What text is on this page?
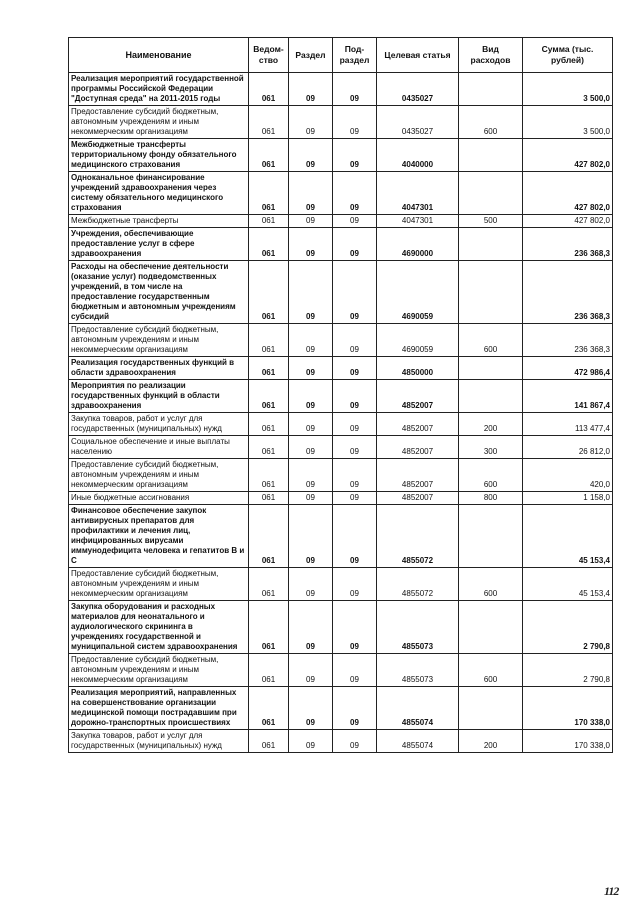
Наименование	Ведом-ство	Раздел	Под-раздел	Целевая статья	Вид расходов	Сумма (тыс. рублей)
Реализация мероприятий государственной программы Российской Федерации "Доступная среда" на 2011-2015 годы	061	09	09	0435027		3 500,0
Предоставление субсидий бюджетным, автономным учреждениям и иным некоммерческим организациям	061	09	09	0435027	600	3 500,0
Межбюджетные трансферты территориальному фонду обязательного медицинского страхования	061	09	09	4040000		427 802,0
Одноканальное финансирование учреждений здравоохранения через систему обязательного медицинского страхования	061	09	09	4047301		427 802,0
Межбюджетные трансферты	061	09	09	4047301	500	427 802,0
Учреждения, обеспечивающие предоставление услуг в сфере здравоохранения	061	09	09	4690000		236 368,3
Расходы на обеспечение деятельности (оказание услуг) подведомственных учреждений, в том числе на предоставление государственным бюджетным и автономным учреждениям субсидий	061	09	09	4690059		236 368,3
Предоставление субсидий бюджетным, автономным учреждениям и иным некоммерческим организациям	061	09	09	4690059	600	236 368,3
Реализация государственных функций в области здравоохранения	061	09	09	4850000		472 986,4
Мероприятия по реализации государственных функций в области здравоохранения	061	09	09	4852007		141 867,4
Закупка товаров, работ и услуг для государственных (муниципальных) нужд	061	09	09	4852007	200	113 477,4
Социальное обеспечение и иные выплаты населению	061	09	09	4852007	300	26 812,0
Предоставление субсидий бюджетным, автономным учреждениям и иным некоммерческим организациям	061	09	09	4852007	600	420,0
Иные бюджетные ассигнования	061	09	09	4852007	800	1 158,0
Финансовое обеспечение закупок антивирусных препаратов для профилактики и лечения лиц, инфицированных вирусами иммунодефицита человека и гепатитов В и С	061	09	09	4855072		45 153,4
Предоставление субсидий бюджетным, автономным учреждениям и иным некоммерческим организациям	061	09	09	4855072	600	45 153,4
Закупка оборудования и расходных материалов для неонатального и аудиологического скрининга в учреждениях государственной и муниципальной систем здравоохранения	061	09	09	4855073		2 790,8
Предоставление субсидий бюджетным, автономным учреждениям и иным некоммерческим организациям	061	09	09	4855073	600	2 790,8
Реализация мероприятий, направленных на совершенствование организации медицинской помощи пострадавшим при дорожно-транспортных происшествиях	061	09	09	4855074		170 338,0
Закупка товаров, работ и услуг для государственных (муниципальных) нужд	061	09	09	4855074	200	170 338,0
112
